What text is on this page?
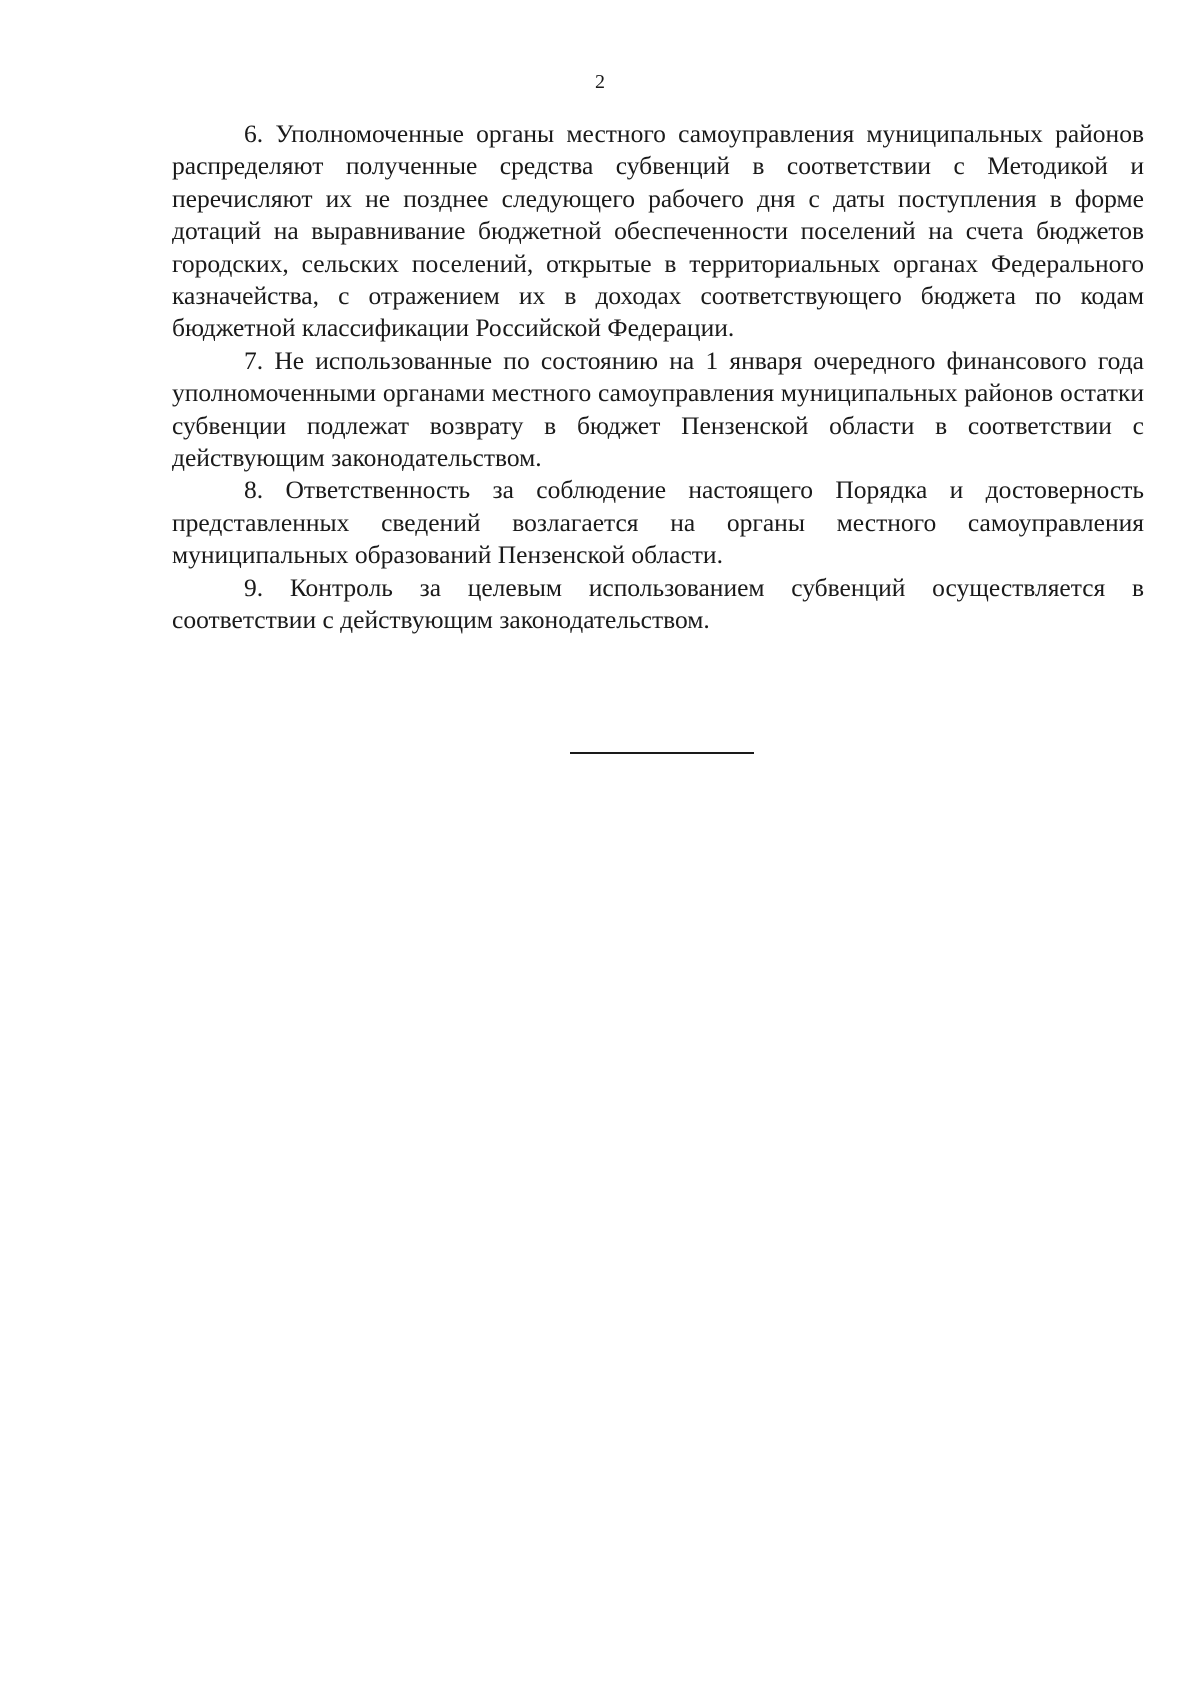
2

6. Уполномоченные органы местного самоуправления муниципальных районов распределяют полученные средства субвенций в соответствии с Методикой и перечисляют их не позднее следующего рабочего дня с даты поступления в форме дотаций на выравнивание бюджетной обеспеченности поселений на счета бюджетов городских, сельских поселений, открытые в территориальных органах Федерального казначейства, с отражением их в доходах соответствующего бюджета по кодам бюджетной классификации Российской Федерации.

7. Не использованные по состоянию на 1 января очередного финансового года уполномоченными органами местного самоуправления муниципальных районов остатки субвенции подлежат возврату в бюджет Пензенской области в соответствии с действующим законодательством.

8. Ответственность за соблюдение настоящего Порядка и достоверность представленных сведений возлагается на органы местного самоуправления муниципальных образований Пензенской области.

9. Контроль за целевым использованием субвенций осуществляется в соответствии с действующим законодательством.
